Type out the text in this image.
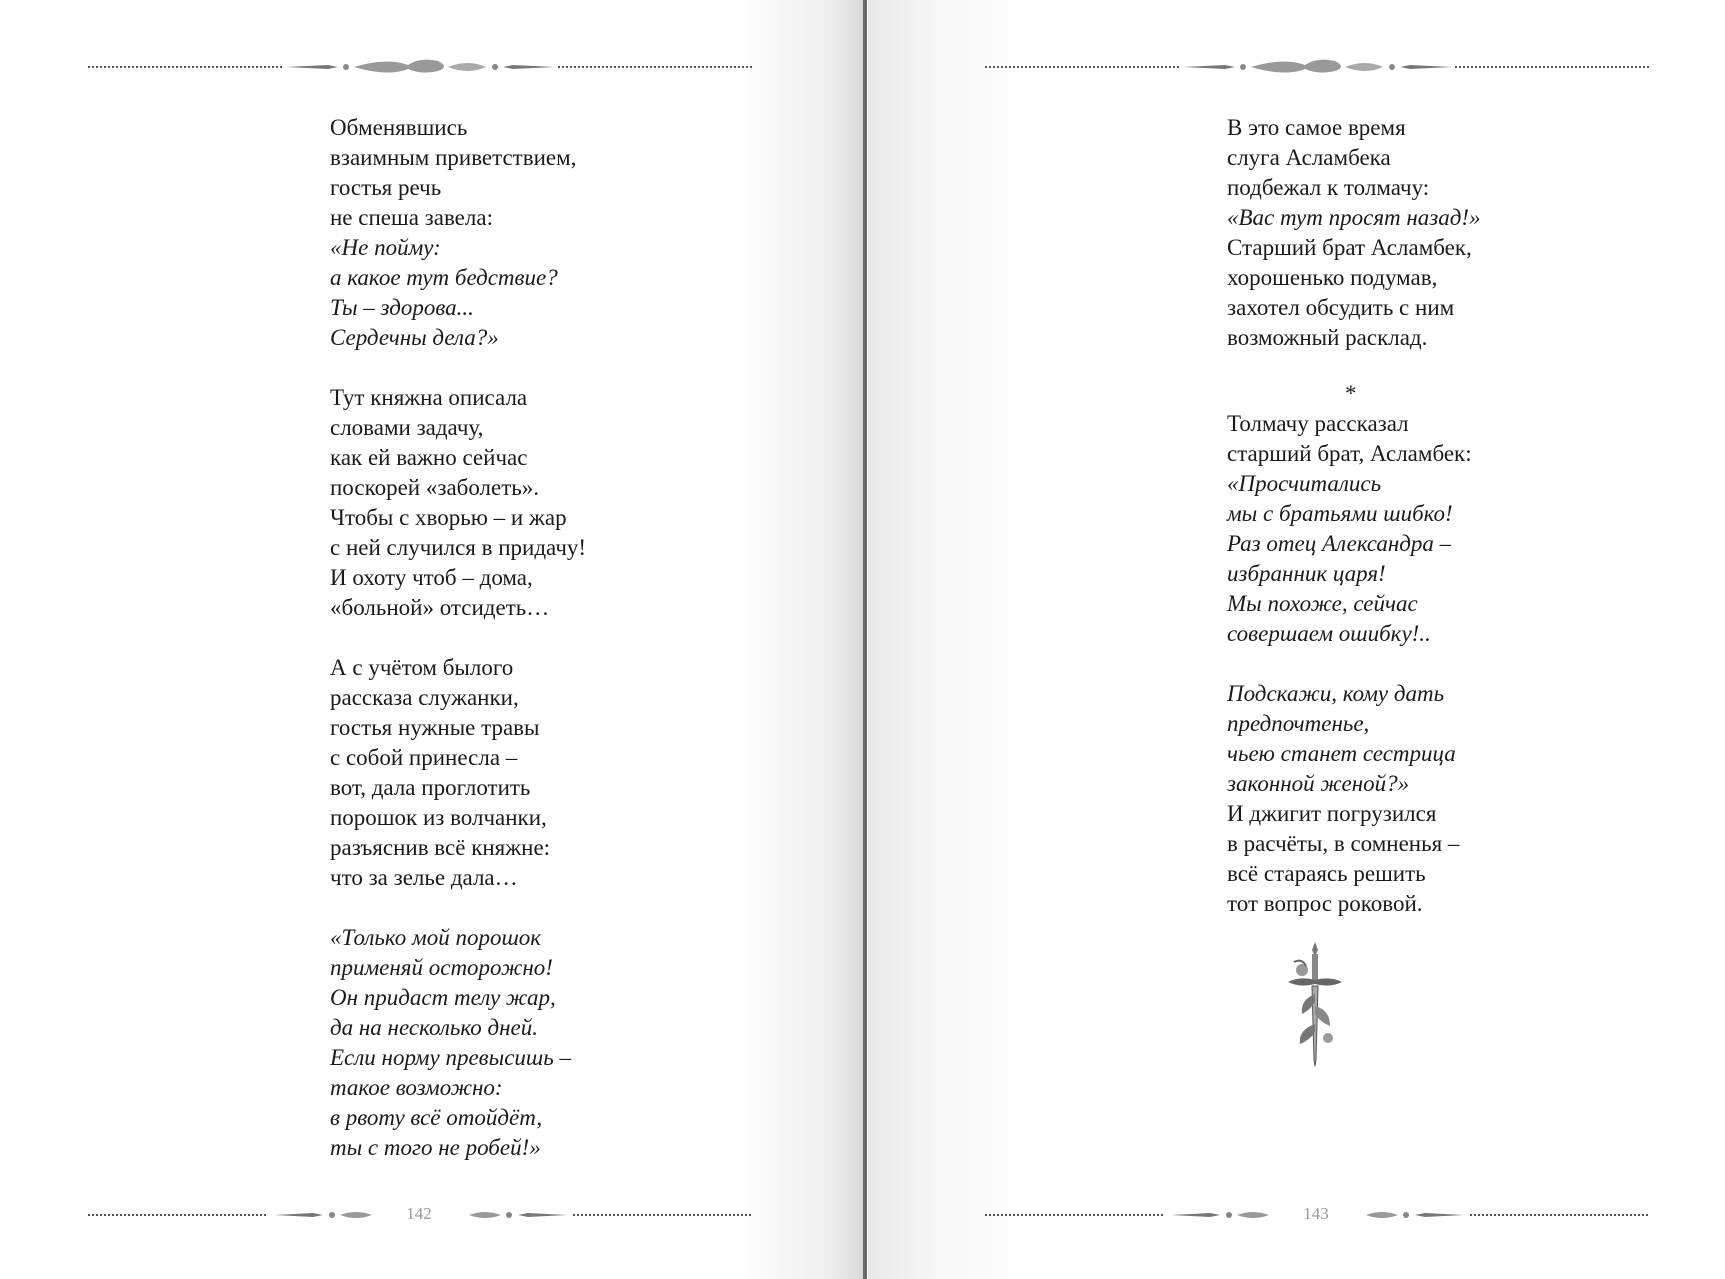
Обменявшись
взаимным приветствием,
гостья речь
не спеша завела:
«Не пойму:
а какое тут бедствие?
Ты – здорова...
Сердечны дела?»
Тут княжна описала
словами задачу,
как ей важно сейчас
поскорей «заболеть».
Чтобы с хворью – и жар
с ней случился в придачу!
И охоту чтоб – дома,
«больной» отсидеть…
А с учётом былого
рассказа служанки,
гостья нужные травы
с собой принесла –
вот, дала проглотить
порошок из волчанки,
разъяснив всё княжне:
что за зелье дала…
«Только мой порошок
применяй осторожно!
Он придаст телу жар,
да на несколько дней.
Если норму превысишь –
такое возможно:
в рвоту всё отойдёт,
ты с того не робей!»
142
В это самое время
слуга Асламбека
подбежал к толмачу:
«Вас тут просят назад!»
Старший брат Асламбек,
хорошенько подумав,
захотел обсудить с ним
возможный расклад.
*
Толмачу рассказал
старший брат, Асламбек:
«Просчитались
мы с братьями шибко!
Раз отец Александра –
избранник царя!
Мы похоже, сейчас
совершаем ошибку!..
Подскажи, кому дать
предпочтенье,
чьею станет сестрица
законной женой?»
И джигит погрузился
в расчёты, в сомненья –
всё стараясь решить
тот вопрос роковой.
143
